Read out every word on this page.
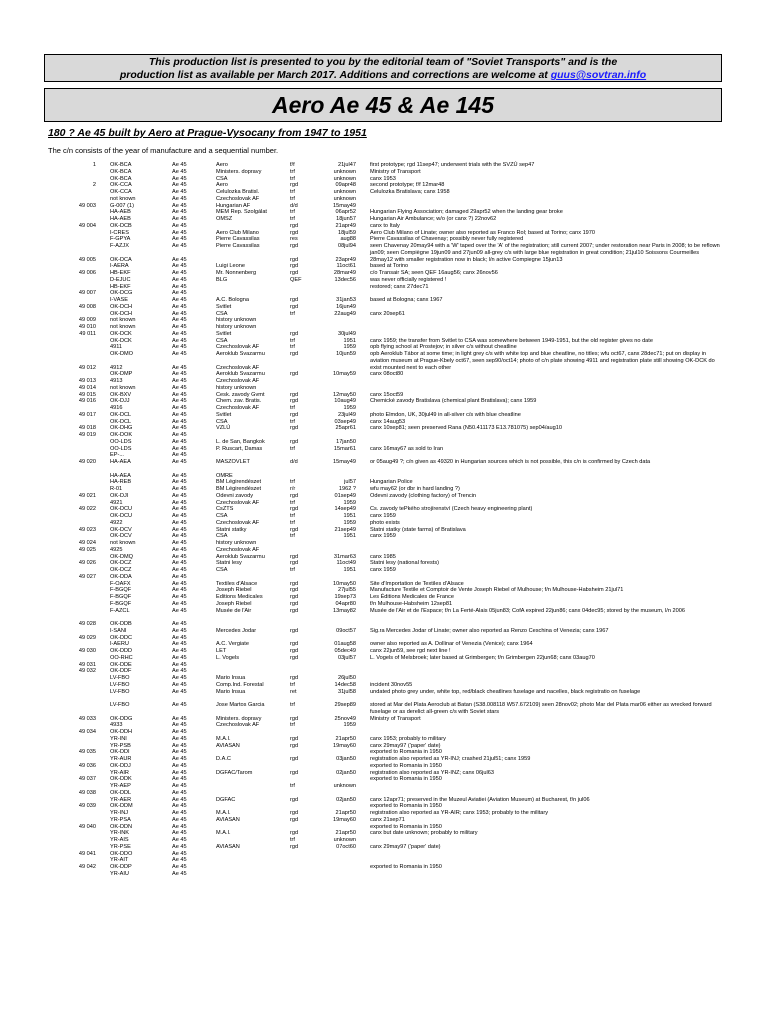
This production list is presented to you by the editorial team of "Soviet Transports" and is the
production list as available per March 2017. Additions and corrections are welcome at guus@sovtran.info
Aero Ae 45 & Ae 145
180 ? Ae 45 built by Aero at Prague-Vysocany from 1947 to 1951
The c/n consists of the year of manufacture and a sequential number.
1	OK-BCA	Ae 45	Aero	f/f	21jul47	first prototype; rgd 11sep47; underwent trials with the SVZÚ sep47
OK-BCA	Ae 45	Ministers. dopravy	trf	unknown	Ministry of Transport
OK-BCA	Ae 45	CSA	trf	unknown	canx 1953
2	OK-CCA	Ae 45	Aero	rgd	09apr48	second prototype; f/f 12mar48
OK-CCA	Ae 45	Celulozka Bratisl.	trf	unknown	Celulozka Bratislava; canx 1958
not known	Ae 45	Czechoslovak AF	trf	unknown
49 003	G-007 (1)	Ae 45	Hungarian AF	d/d	15may49
HA-AEB	Ae 45	MEM Rep. Szolgálat	trf	06apr52	Hungarian Flying Association; damaged 29apr52 when the landing gear broke
HA-AEB	Ae 45	OMSZ	trf	18jun57	Hungarian Air Ambulance; w/o (or canx ?) 22nov62
49 004	OK-DCB	Ae 45	rgd	21apr49	canx to Italy
I-CRES	Ae 45	Aero Club Milano	rgd	18jul59	Aero Club Milano of Linate; owner also reported as Franco Rol; based at Torino; canx 1970
F-GPYA	Ae 45	Pierre Cavassilas	res	aug88	Pierre Cavassilas of Chavenay; possibly never fully registered
F-AZJX	Ae 45	Pierre Cavassilas	rgd	08jul94	seen Chavenay 20may94 with a 'W' taped over the 'A' of the registration; still current 2007; under restoration near Paris in 2008; to be reflown jan09; seen Compiègne 19jun09 and 27jun09 all-grey c/s with large blue registration in great condition; 21jul10 Soissons Courmeilles 28may12 with smaller registration now in black; l/n active Compiegne 15jun13
49 005	OK-DCA	Ae 45	rgd	23apr49
I-AERA	Ae 45	Luigi Leone	rgd	11oct61	based at Torino
49 006	HB-EKF	Ae 45	Mr. Nonnenberg	rgd	28mar49	c/o Transair SA; seen QEF 16aug56; canx 26nov56
D-EJUC	Ae 45	BLG	QEF	13dec56	was never officially registered !
HB-EKF	Ae 45	restored; canx 27dec71
49 007	OK-DCG	Ae 45
I-VASE	Ae 45	A.C. Bologna	rgd	31jan53	based at Bologna; canx 1967
49 008	OK-DCH	Ae 45	Svitlet	rgd	16jun49
OK-DCH	Ae 45	CSA	trf	22aug49	canx 20sep61
49 009	not known	Ae 45	history unknown
49 010	not known	Ae 45	history unknown
49 011	OK-DCK	Ae 45	Svitlet	rgd	30jul49
OK-DCK	Ae 45	CSA	trf	1951	canx 1959; the transfer from Svitlet to CSA was somewhere between 1949-1951, but the old register gives no date
4911	Ae 45	Czechoslovak AF	trf	1959	opb flying school at Prostejov; in silver c/s without cheatline
OK-DMO	Ae 45	Aeroklub Svazarmu	rgd	10jun59	opb Aeroklub Tábor at some time; in light grey c/s with white top and blue cheatline, no titles; wfu oct67, canx 28dec71; put on display in aviation museum at Prague-Kbely oct67, seen sep90/oct14; photo of c/n plate showing 4911 and registration plate still showing OK-DCK do exist mounted next to each other
49 012	4912	Ae 45	Czechoslovak AF
OK-DMP	Ae 45	Aeroklub Svazarmu	rgd	10may59	canx 08oct80
49 013	4913	Ae 45	Czechoslovak AF
49 014	not known	Ae 45	history unknown
49 015	OK-BXV	Ae 45	Cesk. zavody Gvmt	rgd	12may50	canx 15oct59
49 016	OK-DJJ	Ae 45	Chem. zav. Bratis.	rgd	10aug49	Chemické zavody Bratislava (chemical plant Bratislava); canx 1959
4916	Ae 45	Czechoslovak AF	trf	1959
49 017	OK-DCL	Ae 45	Svitlet	rgd	23jul49	photo Elmdon, UK, 30jul49 in all-silver c/s with blue cheatline
OK-DCL	Ae 45	CSA	trf	03sep49	canx 14aug53
49 018	OK-DHG	Ae 45	VZLÚ	rgd	25apr61	canx 10sep81; seen preserved Rana (N50.411173 E13.781075) sep04/aug10
49 019	OK-DOK	Ae 45
OO-LDS	Ae 45	L. de San, Bangkok	rgd	17jan50
OO-LDS	Ae 45	P. Ruscart, Damas	trf	15mar61	canx 16may67 as sold to Iran
EP-...	Ae 45
49 020	HA-AEA	Ae 45	MASZOVLET	d/d	15may49	or 05aug49 ?; c/n given as 49320 in Hungarian sources which is not possible, this c/n is confirmed by Czech data
HA-AEA	Ae 45	OMRE
HA-REB	Ae 45	BM Légirendészet	trf	jul57	Hungarian Police
R-01	Ae 45	BM Légirendészet	r/r	1962 ?	wfu may62 (or dbr in hard landing ?)
49 021	OK-DJI	Ae 45	Odevni zavody	rgd	01sep49	Odevni zavody (clothing factory) of Trencin
4921	Ae 45	Czechoslovak AF	trf	1959
49 022	OK-DCU	Ae 45	CsZTS	rgd	14sep49	Cs. zavody tePkého strojírenství (Czech heavy engineering plant)
OK-DCU	Ae 45	CSA	trf	1951	canx 1959
4922	Ae 45	Czechoslovak AF	trf	1959	photo exists
49 023	OK-DCV	Ae 45	Statni statky	rgd	21sep49	Statni statky (state farms) of Bratislava
OK-DCV	Ae 45	CSA	trf	1951	canx 1959
49 024	not known	Ae 45	history unknown
49 025	4925	Ae 45	Czechoslovak AF
OK-DMQ	Ae 45	Aeroklub Svazarmu	rgd	31mar63	canx 1985
49 026	OK-DCZ	Ae 45	Statni lesy	rgd	11oct49	Statni lesy (national forests)
OK-DCZ	Ae 45	CSA	trf	1951	canx 1959
49 027	OK-DDA	Ae 45
F-OAFX	Ae 45	Textiles d'Alsace	rgd	10may50	Site d'Importation de Textiles d'Alsace
F-BGQF	Ae 45	Joseph Riebel	rgd	27jul55	Manufacture Textile et Comptoir de Vente Joseph Riebel of Mulhouse; f/n Mulhouse-Habsheim 21jul71
F-BGQF	Ae 45	Editions Medicales	rgd	19sep73	Les Éditions Medicales de France
F-BGQF	Ae 45	Joseph Riebel	rgd	04apr80	f/n Mulhouse-Habsheim 12sep81
F-AZCL	Ae 45	Musée de l'Air	rgd	13may82	Musée de l'Air et de l'Espace; f/n La Ferté-Alais 05jun83; CofA expired 22jun86; canx 04dec95; stored by the museum, l/n 2006
49 028	OK-DDB	Ae 45
I-SANI	Ae 45	Mercedes Jodar	rgd	09oct57	Sig.ra Mercedes Jodar of Linate; owner also reported as Renzo Ceschina of Venezia; canx 1967
49 029	OK-DDC	Ae 45
I-AERU	Ae 45	A.C. Vergiate	rgd	01aug58	owner also reported as A. Dollinar of Venezia (Venice); canx 1964
49 030	OK-DDD	Ae 45	LET	rgd	05dec49	canx 22jun59, see rgd next line !
OO-RHC	Ae 45	L. Vogels	rgd	03jul57	L. Vogels of Melsbroek; later based at Grimbergen; f/n Grimbergen 22jun68; canx 03aug70
49 031	OK-DDE	Ae 45
49 032	OK-DDF	Ae 45
LV-FBO	Ae 45	Mario Insua	rgd	26jul50
LV-FBO	Ae 45	Comp.Ind. Forestal	trf	14dec58	incident 30nov55
LV-FBO	Ae 45	Mario Insua	ret	31jul58	undated photo grey under, white top, red/black cheatlines fuselage and nacelles, black registratio on fuselage
LV-FBO	Ae 45	Jose Martos Garcia	trf	29sep89	stored at Mar del Plata Aeroclub at Batan (S38.008118 W57.672109) seen 28nov02; photo Mar del Plata mar06 either as wrecked forward fuselage or as derelict all-green c/s with Soviet stars
49 033	OK-DDG	Ae 45	Ministers. dopravy	rgd	25nov49	Ministry of Transport
4933	Ae 45	Czechoslovak AF	trf	1959
49 034	OK-DDH	Ae 45
YR-INI	Ae 45	M.A.I.	rgd	21apr50	canx 1953; probably to military
YR-PSB	Ae 45	AVIASAN	rgd	19may60	canx 29may97 ('paper' date)
49 035	OK-DDI	Ae 45	exported to Romania in 1950
YR-AUR	Ae 45	D.A.C	rgd	03jan50	registration also reported as YR-INJ; crashed 21jul51; canx 1959
49 036	OK-DDJ	Ae 45	exported to Romania in 1950
YR-AIR	Ae 45	DGFAC/Tarom	rgd	02jan50	registration also reported as YR-INZ; canx 06jul63
49 037	OK-DDK	Ae 45	exported to Romania in 1950
YR-AEP	Ae 45	trf	unknown
49 038	OK-DDL	Ae 45
YR-AER	Ae 45	DGFAC	rgd	02jan50	canx 12apr71; preserved in the Muzeul Aviatiei (Aviation Museum) at Bucharest, f/n jul06
49 039	OK-DDM	Ae 45	exported to Romania in 1950
YR-INJ	Ae 45	M.A.I.	rgd	21apr50	registration also reported as YR-AIR; canx 1953; probably to the military
YR-PSA	Ae 45	AVIASAN	rgd	19may60	canx 21sep71
49 040	OK-DDN	Ae 45	exported to Romania in 1950
YR-INK	Ae 45	M.A.I.	rgd	21apr50	canx but date unknown; probably to military
YR-AIS	Ae 45	trf	unknown
YR-PSE	Ae 45	AVIASAN	rgd	07oct60	canx 29may97 ('paper' date)
49 041	OK-DDO	Ae 45
YR-AIT	Ae 45
49 042	OK-DDP	Ae 45	exported to Romania in 1950
YR-AIU	Ae 45
